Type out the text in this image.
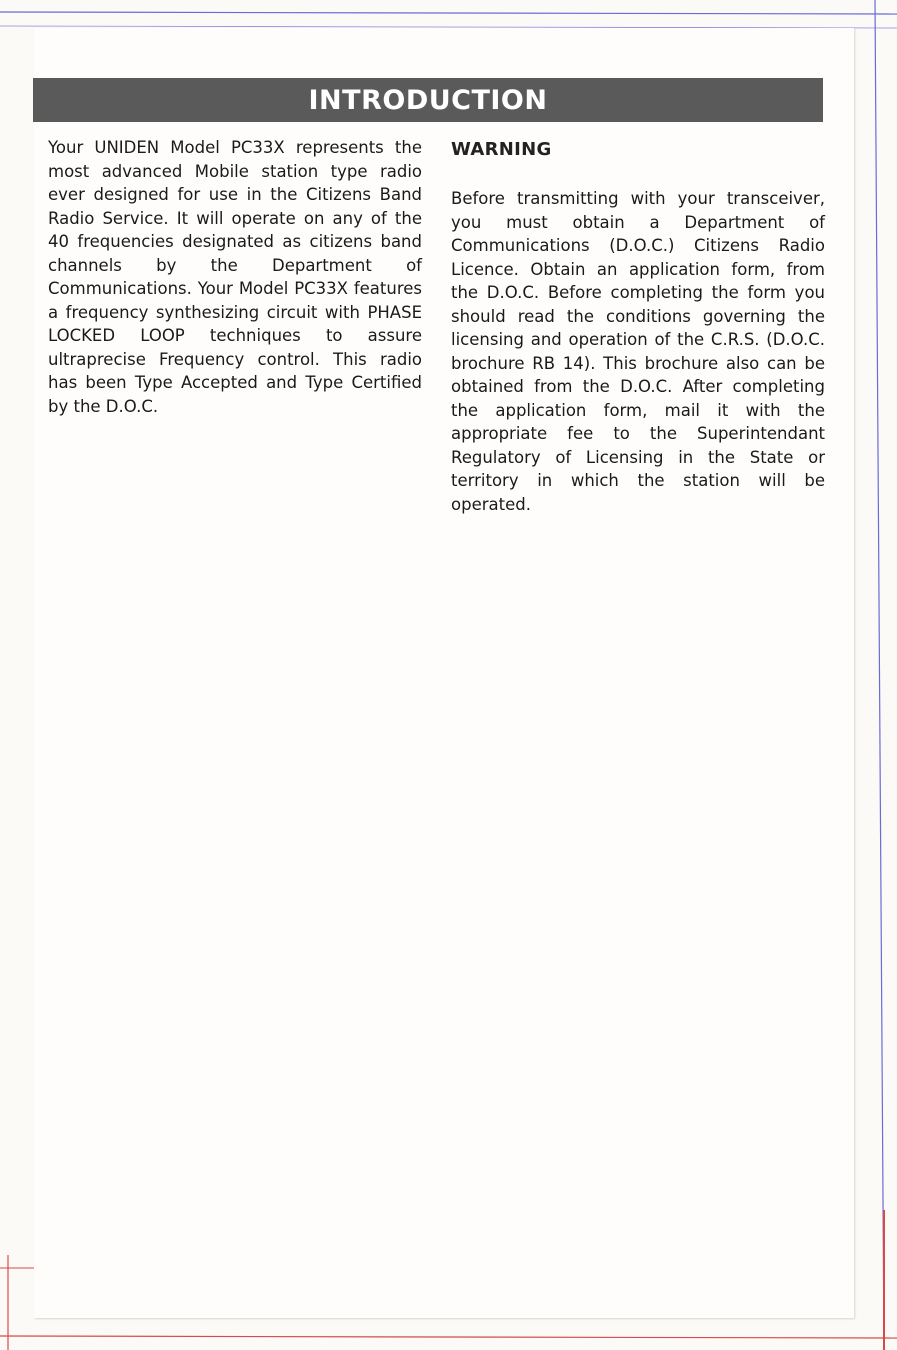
INTRODUCTION

Your UNIDEN Model PC33X represents the most advanced Mobile station type radio ever designed for use in the Citizens Band Radio Service. It will operate on any of the 40 frequencies designated as citizens band channels by the Department of Communications. Your Model PC33X features a frequency synthesizing circuit with PHASE LOCKED LOOP techniques to assure ultraprecise Frequency control. This radio has been Type Accepted and Type Certified by the D.O.C.

WARNING

Before transmitting with your transceiver, you must obtain a Department of Communications (D.O.C.) Citizens Radio Licence. Obtain an application form, from the D.O.C. Before completing the form you should read the conditions governing the licensing and operation of the C.R.S. (D.O.C. brochure RB 14). This brochure also can be obtained from the D.O.C. After completing the application form, mail it with the appropriate fee to the Superintendant Regulatory of Licensing in the State or territory in which the station will be operated.
